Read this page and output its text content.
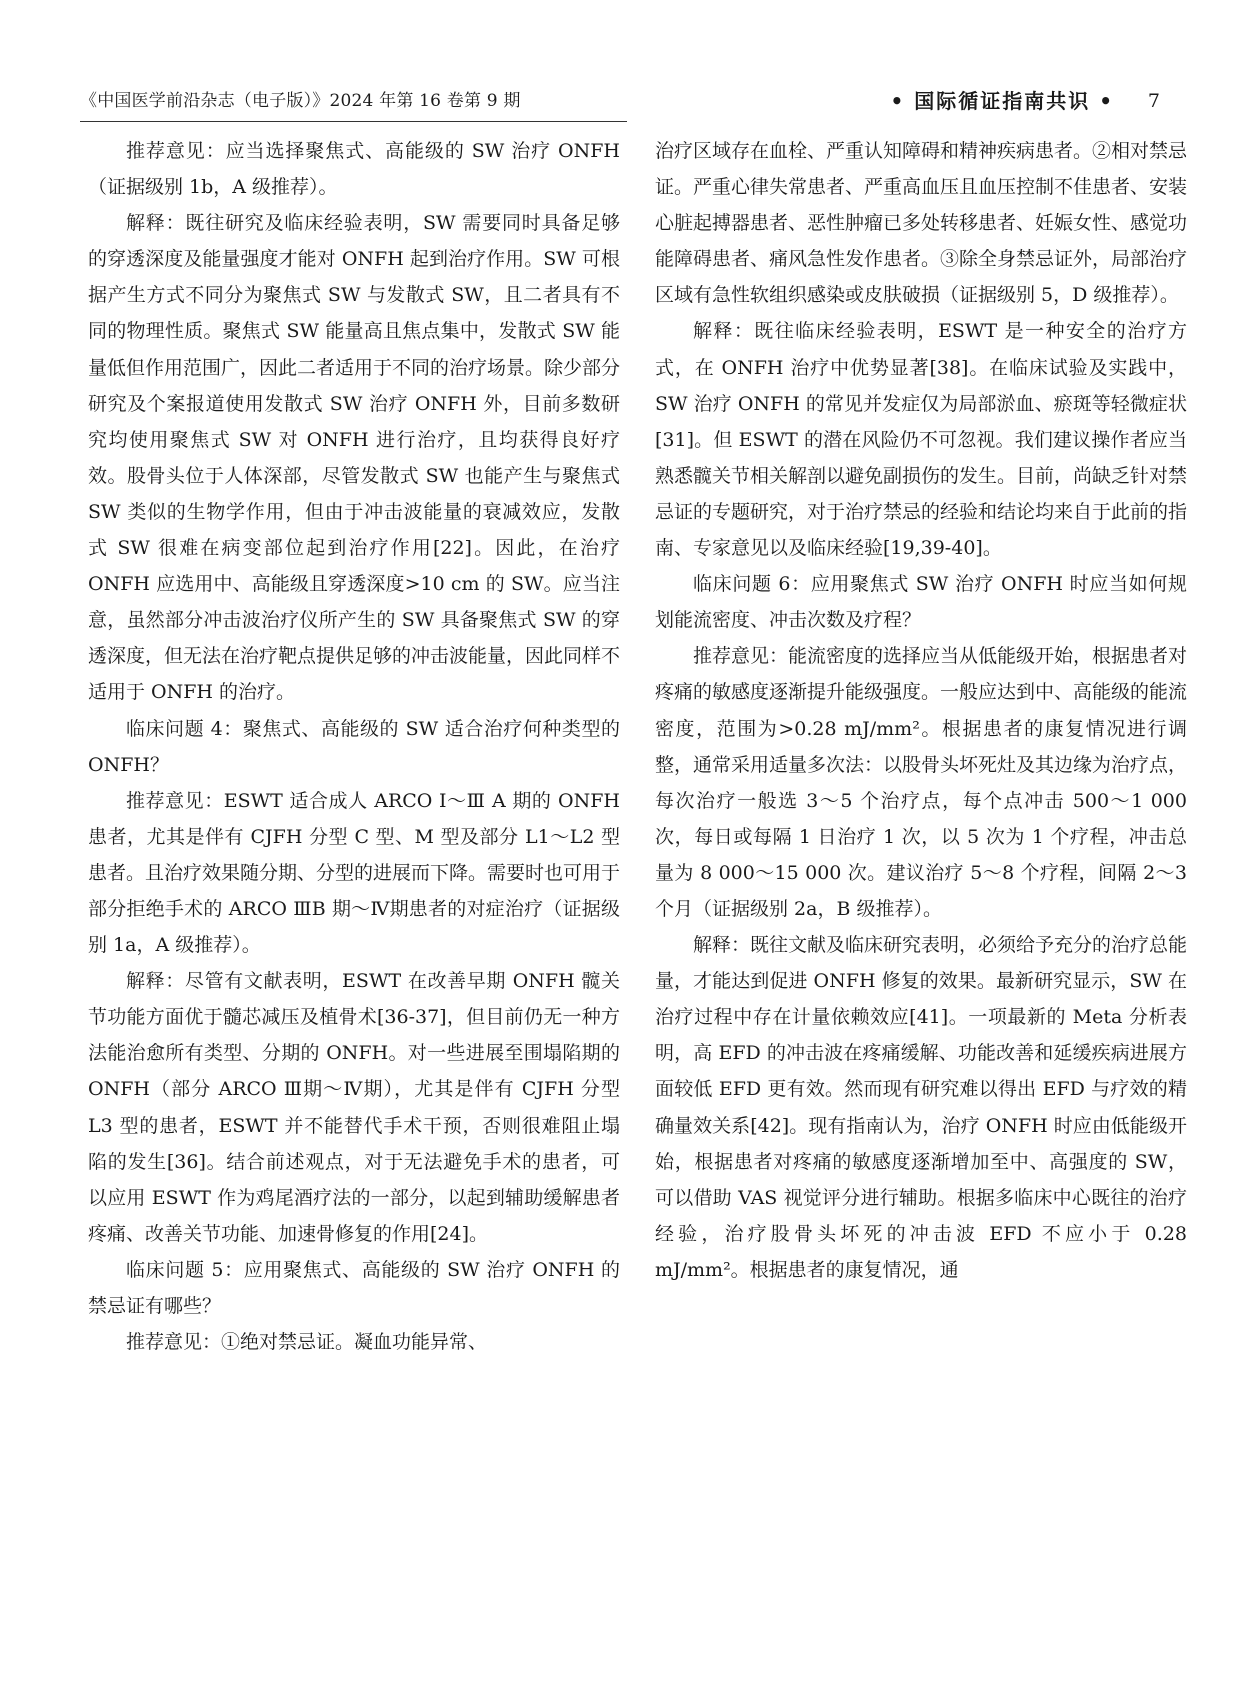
《中国医学前沿杂志（电子版）》2024 年第 16 卷第 9 期	• 国际循证指南共识 • 7

推荐意见：应当选择聚焦式、高能级的 SW 治疗 ONFH（证据级别 1b，A 级推荐）。

解释：既往研究及临床经验表明，SW 需要同时具备足够的穿透深度及能量强度才能对 ONFH 起到治疗作用。SW 可根据产生方式不同分为聚焦式 SW 与发散式 SW，且二者具有不同的物理性质。聚焦式 SW 能量高且焦点集中，发散式 SW 能量低但作用范围广，因此二者适用于不同的治疗场景。除少部分研究及个案报道使用发散式 SW 治疗 ONFH 外，目前多数研究均使用聚焦式 SW 对 ONFH 进行治疗，且均获得良好疗效。股骨头位于人体深部，尽管发散式 SW 也能产生与聚焦式 SW 类似的生物学作用，但由于冲击波能量的衰减效应，发散式 SW 很难在病变部位起到治疗作用[22]。因此，在治疗 ONFH 应选用中、高能级且穿透深度>10 cm 的 SW。应当注意，虽然部分冲击波治疗仪所产生的 SW 具备聚焦式 SW 的穿透深度，但无法在治疗靶点提供足够的冲击波能量，因此同样不适用于 ONFH 的治疗。

临床问题 4：聚焦式、高能级的 SW 适合治疗何种类型的 ONFH？

推荐意见：ESWT 适合成人 ARCO Ⅰ～Ⅲ A 期的 ONFH 患者，尤其是伴有 CJFH 分型 C 型、M 型及部分 L1～L2 型患者。且治疗效果随分期、分型的进展而下降。需要时也可用于部分拒绝手术的 ARCO ⅢB 期～Ⅳ期患者的对症治疗（证据级别 1a，A 级推荐）。

解释：尽管有文献表明，ESWT 在改善早期 ONFH 髋关节功能方面优于髓芯减压及植骨术[36-37]，但目前仍无一种方法能治愈所有类型、分期的 ONFH。对一些进展至围塌陷期的 ONFH（部分 ARCO Ⅲ期～Ⅳ期），尤其是伴有 CJFH 分型 L3 型的患者，ESWT 并不能替代手术干预，否则很难阻止塌陷的发生[36]。结合前述观点，对于无法避免手术的患者，可以应用 ESWT 作为鸡尾酒疗法的一部分，以起到辅助缓解患者疼痛、改善关节功能、加速骨修复的作用[24]。

临床问题 5：应用聚焦式、高能级的 SW 治疗 ONFH 的禁忌证有哪些？

推荐意见：①绝对禁忌证。凝血功能异常、

治疗区域存在血栓、严重认知障碍和精神疾病患者。②相对禁忌证。严重心律失常患者、严重高血压且血压控制不佳患者、安装心脏起搏器患者、恶性肿瘤已多处转移患者、妊娠女性、感觉功能障碍患者、痛风急性发作患者。③除全身禁忌证外，局部治疗区域有急性软组织感染或皮肤破损（证据级别 5，D 级推荐）。

解释：既往临床经验表明，ESWT 是一种安全的治疗方式，在 ONFH 治疗中优势显著[38]。在临床试验及实践中，SW 治疗 ONFH 的常见并发症仅为局部淤血、瘀斑等轻微症状[31]。但 ESWT 的潜在风险仍不可忽视。我们建议操作者应当熟悉髋关节相关解剖以避免副损伤的发生。目前，尚缺乏针对禁忌证的专题研究，对于治疗禁忌的经验和结论均来自于此前的指南、专家意见以及临床经验[19,39-40]。

临床问题 6：应用聚焦式 SW 治疗 ONFH 时应当如何规划能流密度、冲击次数及疗程？

推荐意见：能流密度的选择应当从低能级开始，根据患者对疼痛的敏感度逐渐提升能级强度。一般应达到中、高能级的能流密度，范围为>0.28 mJ/mm²。根据患者的康复情况进行调整，通常采用适量多次法：以股骨头坏死灶及其边缘为治疗点，每次治疗一般选 3～5 个治疗点，每个点冲击 500～1 000 次，每日或每隔 1 日治疗 1 次，以 5 次为 1 个疗程，冲击总量为 8 000～15 000 次。建议治疗 5～8 个疗程，间隔 2～3 个月（证据级别 2a，B 级推荐）。

解释：既往文献及临床研究表明，必须给予充分的治疗总能量，才能达到促进 ONFH 修复的效果。最新研究显示，SW 在治疗过程中存在计量依赖效应[41]。一项最新的 Meta 分析表明，高 EFD 的冲击波在疼痛缓解、功能改善和延缓疾病进展方面较低 EFD 更有效。然而现有研究难以得出 EFD 与疗效的精确量效关系[42]。现有指南认为，治疗 ONFH 时应由低能级开始，根据患者对疼痛的敏感度逐渐增加至中、高强度的 SW，可以借助 VAS 视觉评分进行辅助。根据多临床中心既往的治疗经验，治疗股骨头坏死的冲击波 EFD 不应小于 0.28 mJ/mm²。根据患者的康复情况，通
